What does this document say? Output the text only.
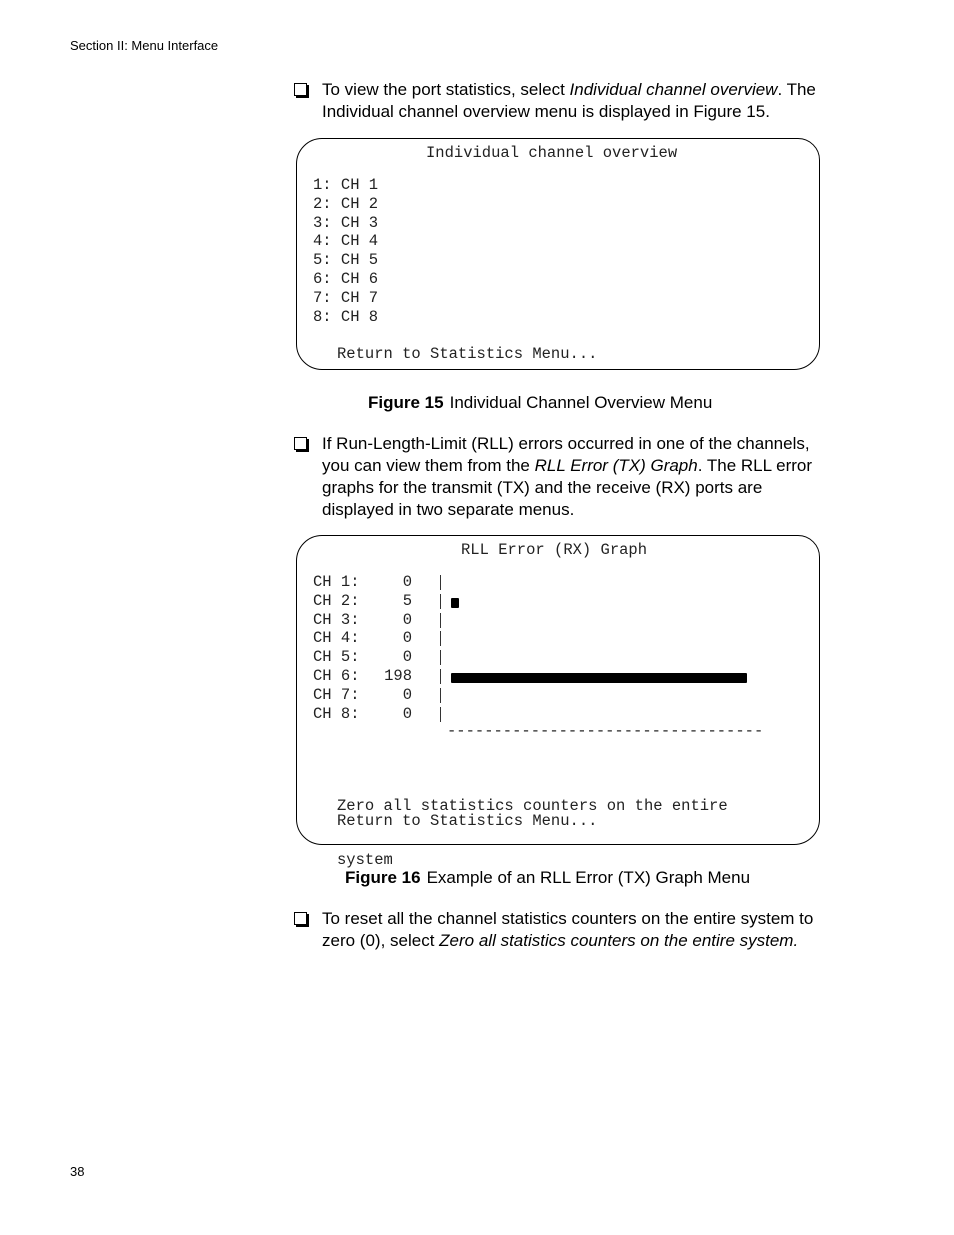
Section II: Menu Interface
To view the port statistics, select Individual channel overview. The Individual channel overview menu is displayed in Figure 15.
Individual channel overview
1: CH 1
2: CH 2
3: CH 3
4: CH 4
5: CH 5
6: CH 6
7: CH 7
8: CH 8
Return to Statistics Menu...
Figure 15 Individual Channel Overview Menu
If Run-Length-Limit (RLL) errors occurred in one of the channels, you can view them from the RLL Error (TX) Graph. The RLL error graphs for the transmit (TX) and the receive (RX) ports are displayed in two separate menus.
RLL Error (RX) Graph
CH 1:	0
CH 2:	5
CH 3:	0
CH 4:	0
CH 5:	0
CH 6:	198
CH 7:	0
CH 8:	0
----------------------------------

Zero all statistics counters on the entire

system

Return to Statistics Menu...
Figure 16 Example of an RLL Error (TX) Graph Menu
To reset all the channel statistics counters on the entire system to zero (0), select Zero all statistics counters on the entire system.
38
